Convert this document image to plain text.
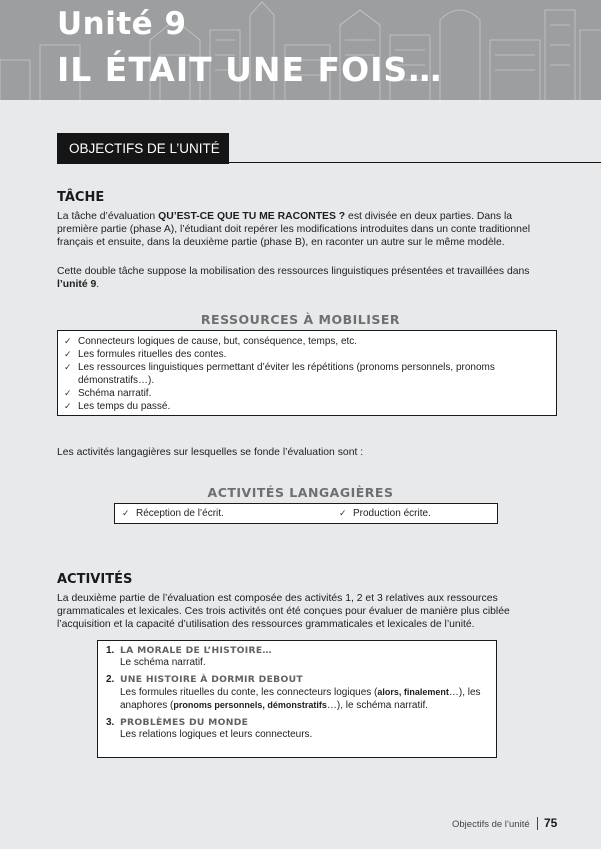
Unité 9
IL ÉTAIT UNE FOIS…
OBJECTIFS DE L’UNITÉ
TÂCHE

La tâche d’évaluation QU’EST-CE QUE TU ME RACONTES ? est divisée en deux parties. Dans la première partie (phase A), l’étudiant doit repérer les modifications introduites dans un conte traditionnel français et ensuite, dans la deuxième partie (phase B), en raconter un autre sur le même modèle.

Cette double tâche suppose la mobilisation des ressources linguistiques présentées et travaillées dans l’unité 9.

RESSOURCES À MOBILISER
✓ Connecteurs logiques de cause, but, conséquence, temps, etc.
✓ Les formules rituelles des contes.
✓ Les ressources linguistiques permettant d’éviter les répétitions (pronoms personnels, pronoms démonstratifs…).
✓ Schéma narratif.
✓ Les temps du passé.

Les activités langagières sur lesquelles se fonde l’évaluation sont :

ACTIVITÉS LANGAGIÈRES
✓ Réception de l’écrit.	✓ Production écrite.
ACTIVITÉS

La deuxième partie de l’évaluation est composée des activités 1, 2 et 3 relatives aux ressources grammaticales et lexicales. Ces trois activités ont été conçues pour évaluer de manière plus ciblée l’acquisition et la capacité d’utilisation des ressources grammaticales et lexicales de l’unité.

1. LA MORALE DE L’HISTOIRE…
Le schéma narratif.
2. UNE HISTOIRE À DORMIR DEBOUT
Les formules rituelles du conte, les connecteurs logiques (alors, finalement…), les anaphores (pronoms personnels, démonstratifs…), le schéma narratif.
3. PROBLÈMES DU MONDE
Les relations logiques et leurs connecteurs.
Objectifs de l’unité 75
